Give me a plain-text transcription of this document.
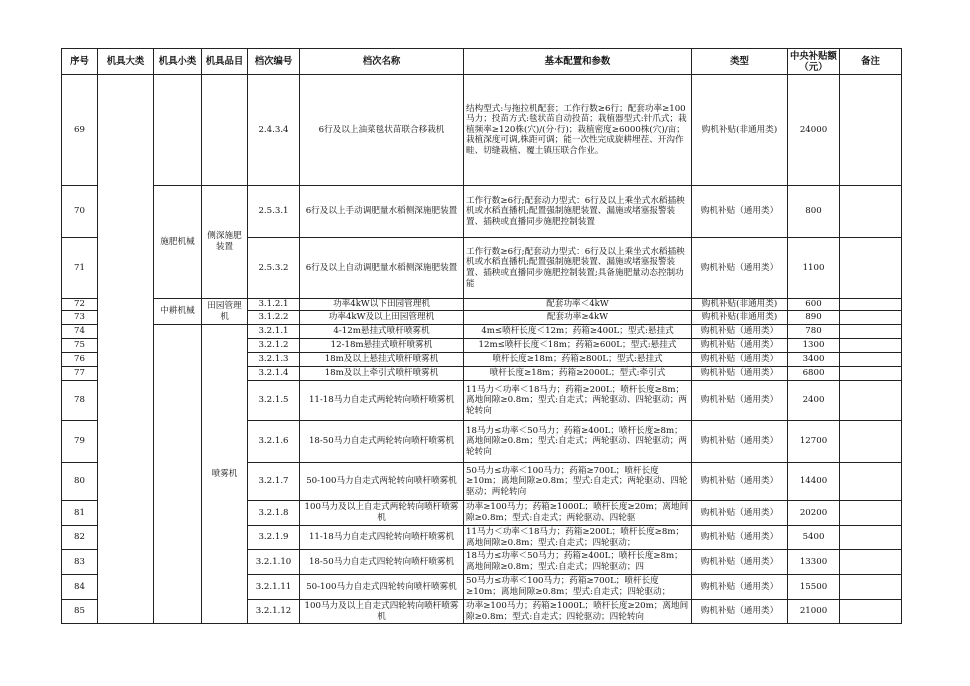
序号	机具大类	机具小类	机具品目	档次编号	档次名称	基本配置和参数	类型	中央补贴额（元）	备注
69				2.4.3.4	6行及以上油菜毯状苗联合移栽机	结构型式:与拖拉机配套；工作行数≥6行；配套功率≥100马力；投苗方式:毯状苗自动投苗；栽植器型式:针爪式；栽植频率≥120株(穴)/(分·行)；栽植密度≥6000株(穴)/亩；栽植深度可调,株距可调；能一次性完成旋耕埋茬、开沟作畦、切缝栽植、覆土镇压联合作业。	购机补贴(非通用类)	24000	
70		施肥机械	侧深施肥装置	2.5.3.1	6行及以上手动调肥量水稻侧深施肥装置	工作行数≥6行;配套动力型式：6行及以上乘坐式水稻插秧机或水稻直播机;配置强制施肥装置、漏施或堵塞报警装置、插秧或直播同步施肥控制装置	购机补贴（通用类）	800	
71				2.5.3.2	6行及以上自动调肥量水稻侧深施肥装置	工作行数≥6行;配套动力型式：6行及以上乘坐式水稻插秧机或水稻直播机;配置强制施肥装置、漏施或堵塞报警装置、插秧或直播同步施肥控制装置;具备施肥量动态控制功能	购机补贴（通用类）	1100	
72		中耕机械	田园管理机	3.1.2.1	功率4kW以下田园管理机	配套功率＜4kW	购机补贴(非通用类)	600	
73				3.1.2.2	功率4kW及以上田园管理机	配套功率≥4kW	购机补贴(非通用类)	890	
74			喷雾机	3.2.1.1	4-12m悬挂式喷杆喷雾机	4m≤喷杆长度＜12m；药箱≥400L；型式:悬挂式	购机补贴（通用类）	780	
75				3.2.1.2	12-18m悬挂式喷杆喷雾机	12m≤喷杆长度＜18m；药箱≥600L；型式:悬挂式	购机补贴（通用类）	1300	
76				3.2.1.3	18m及以上悬挂式喷杆喷雾机	喷杆长度≥18m；药箱≥800L；型式:悬挂式	购机补贴（通用类）	3400	
77				3.2.1.4	18m及以上牵引式喷杆喷雾机	喷杆长度≥18m；药箱≥2000L；型式:牵引式	购机补贴（通用类）	6800	
78				3.2.1.5	11-18马力自走式两轮转向喷杆喷雾机	11马力＜功率＜18马力；药箱≥200L；喷杆长度≥8m；离地间隙≥0.8m；型式:自走式；两轮驱动、四轮驱动；两轮转向	购机补贴（通用类）	2400	
79				3.2.1.6	18-50马力自走式两轮转向喷杆喷雾机	18马力≤功率＜50马力；药箱≥400L；喷杆长度≥8m；离地间隙≥0.8m；型式:自走式；两轮驱动、四轮驱动；两轮转向	购机补贴（通用类）	12700	
80				3.2.1.7	50-100马力自走式两轮转向喷杆喷雾机	50马力≤功率＜100马力；药箱≥700L；喷杆长度≥10m；离地间隙≥0.8m；型式:自走式；两轮驱动、四轮驱动；两轮转向	购机补贴（通用类）	14400	
81				3.2.1.8	100马力及以上自走式两轮转向喷杆喷雾机	功率≥100马力；药箱≥1000L；喷杆长度≥20m；离地间隙≥0.8m；型式:自走式；两轮驱动、四轮驱	购机补贴（通用类）	20200	
82				3.2.1.9	11-18马力自走式四轮转向喷杆喷雾机	11马力＜功率＜18马力；药箱≥200L；喷杆长度≥8m；离地间隙≥0.8m；型式:自走式；四轮驱动；	购机补贴（通用类）	5400	
83				3.2.1.10	18-50马力自走式四轮转向喷杆喷雾机	18马力≤功率＜50马力；药箱≥400L；喷杆长度≥8m；离地间隙≥0.8m；型式:自走式；四轮驱动；四	购机补贴（通用类）	13300	
84				3.2.1.11	50-100马力自走式四轮转向喷杆喷雾机	50马力≤功率＜100马力；药箱≥700L；喷杆长度≥10m；离地间隙≥0.8m；型式:自走式；四轮驱动；	购机补贴（通用类）	15500	
85				3.2.1.12	100马力及以上自走式四轮转向喷杆喷雾机	功率≥100马力；药箱≥1000L；喷杆长度≥20m；离地间隙≥0.8m；型式:自走式；四轮驱动；四轮转向	购机补贴（通用类）	21000	
